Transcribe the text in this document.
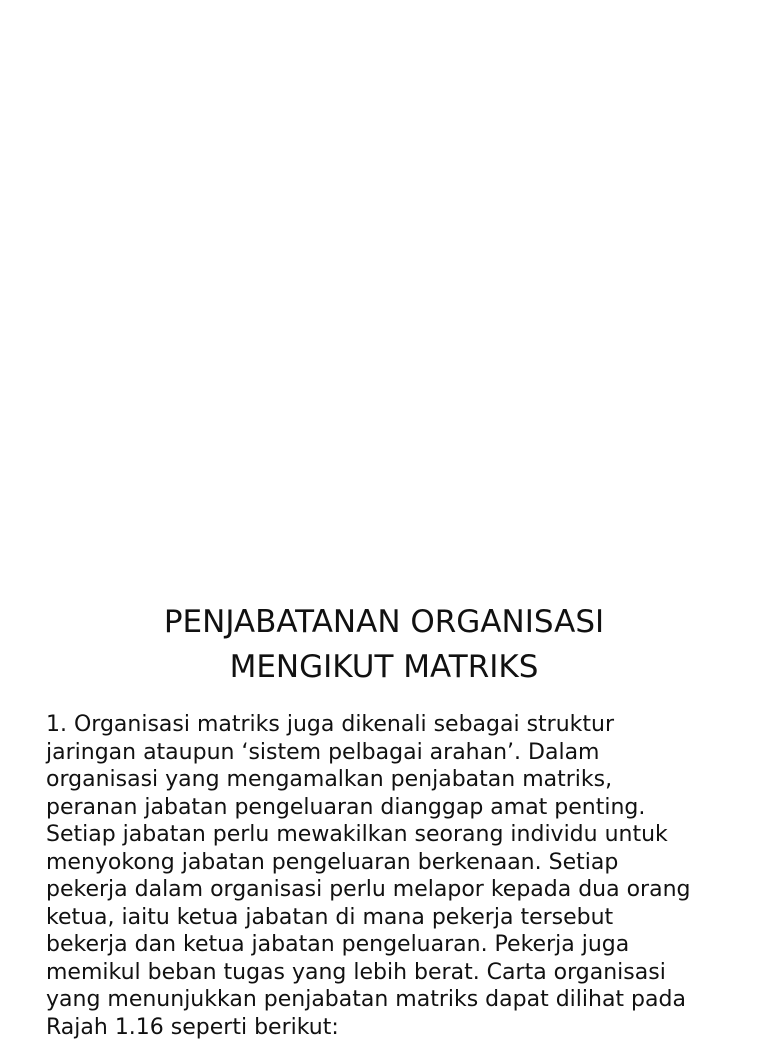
PENJABATANAN ORGANISASI
MENGIKUT MATRIKS

1. Organisasi matriks juga dikenali sebagai struktur
jaringan ataupun ‘sistem pelbagai arahan’. Dalam
organisasi yang mengamalkan penjabatan matriks,
peranan jabatan pengeluaran dianggap amat penting.
Setiap jabatan perlu mewakilkan seorang individu untuk
menyokong jabatan pengeluaran berkenaan. Setiap
pekerja dalam organisasi perlu melapor kepada dua orang
ketua, iaitu ketua jabatan di mana pekerja tersebut
bekerja dan ketua jabatan pengeluaran. Pekerja juga
memikul beban tugas yang lebih berat. Carta organisasi
yang menunjukkan penjabatan matriks dapat dilihat pada
Rajah 1.16 seperti berikut:
